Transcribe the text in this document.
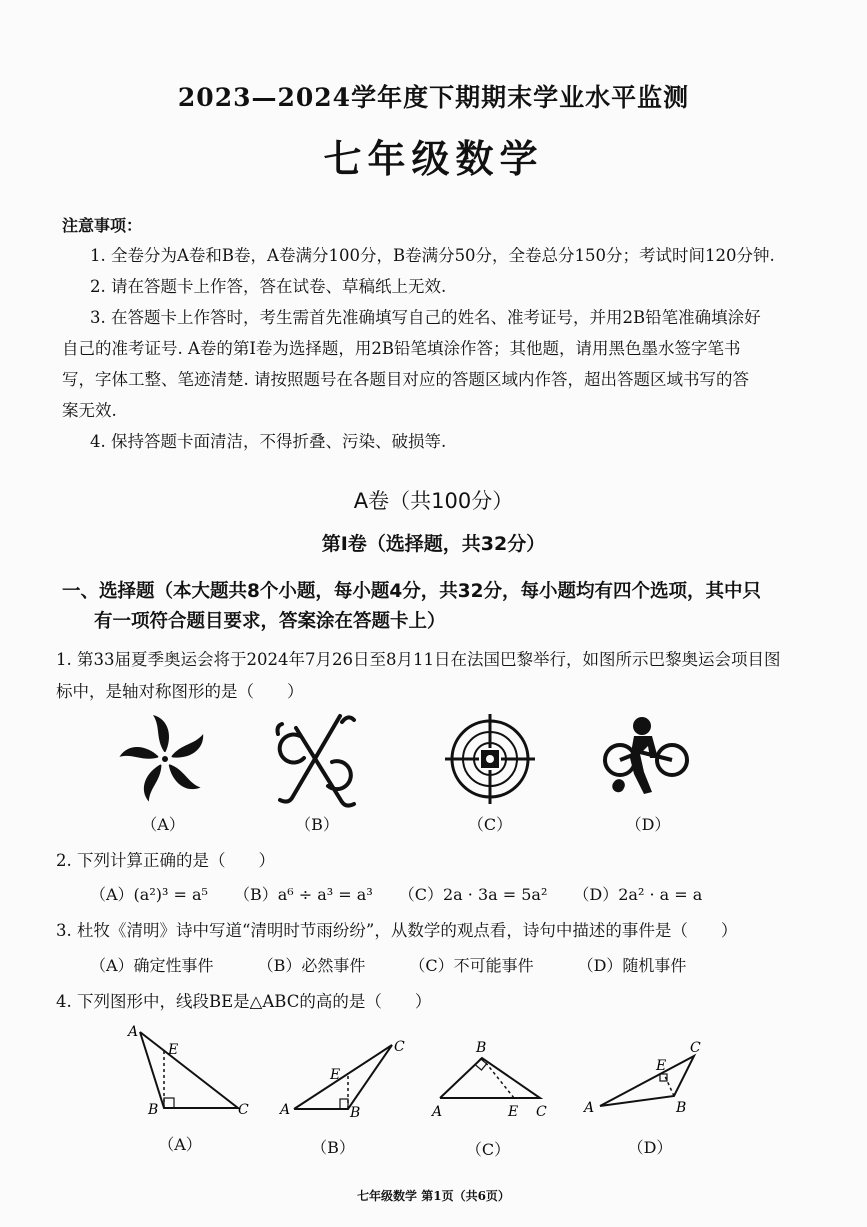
2023—2024学年度下期期末学业水平监测
七年级数学
注意事项：
1. 全卷分为A卷和B卷，A卷满分100分，B卷满分50分，全卷总分150分；考试时间120分钟.
2. 请在答题卡上作答，答在试卷、草稿纸上无效.
3. 在答题卡上作答时，考生需首先准确填写自己的姓名、准考证号，并用2B铅笔准确填涂好
自己的准考证号. A卷的第Ⅰ卷为选择题，用2B铅笔填涂作答；其他题，请用黑色墨水签字笔书
写，字体工整、笔迹清楚. 请按照题号在各题目对应的答题区域内作答，超出答题区域书写的答
案无效.
4. 保持答题卡面清洁，不得折叠、污染、破损等.
A卷（共100分）
第Ⅰ卷（选择题，共32分）
一、选择题（本大题共8个小题，每小题4分，共32分，每小题均有四个选项，其中只
有一项符合题目要求，答案涂在答题卡上）
1. 第33届夏季奥运会将于2024年7月26日至8月11日在法国巴黎举行，如图所示巴黎奥运会项目图
标中，是轴对称图形的是（　　）
（A）	（B）	（C）	（D）
2. 下列计算正确的是（　　）
（A）(a²)³ = a⁵ （B）a⁶ ÷ a³ = a³ （C）2a · 3a = 5a² （D）2a² · a = a
3. 杜牧《清明》诗中写道“清明时节雨纷纷”，从数学的观点看，诗句中描述的事件是（　　）
（A）确定性事件	（B）必然事件	（C）不可能事件	（D）随机事件
4. 下列图形中，线段BE是△ABC的高的是（　　）
A
E
B	C A
E
B
C	B
A	E C	A
E
B
C
（A）	（B）	（C）	（D）
七年级数学 第1页（共6页）
